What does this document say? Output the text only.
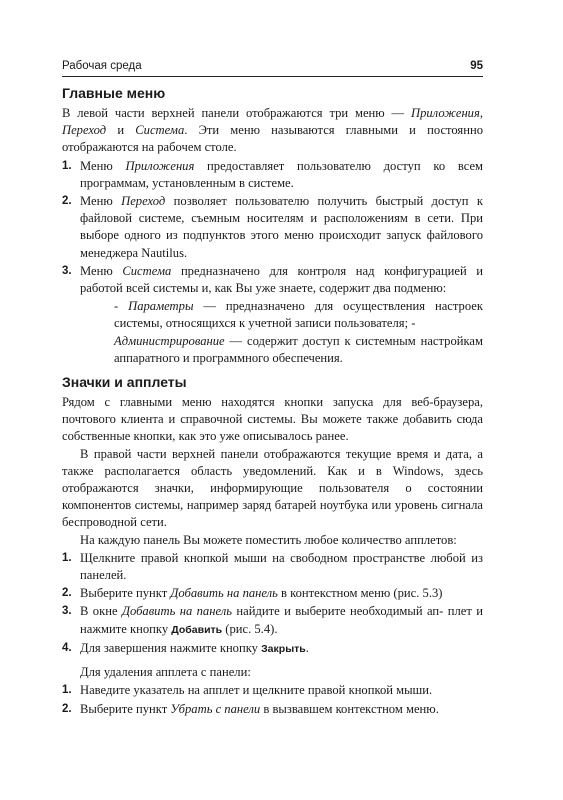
Рабочая среда	95
Главные меню

В левой части верхней панели отображаются три меню — Приложения, Переход и Система. Эти меню называются главными и постоянно отображаются на рабочем столе.

1. Меню Приложения предоставляет пользователю доступ ко всем программам, установленным в системе.
2. Меню Переход позволяет пользователю получить быстрый доступ к файловой системе, съемным носителям и расположениям в сети. При выборе одного из подпунктов этого меню происходит запуск файлового менеджера Nautilus.
3. Меню Система предназначено для контроля над конфигурацией и работой всей системы и, как Вы уже знаете, содержит два подменю:

- Параметры — предназначено для осуществления настроек системы, относящихся к учетной записи пользователя; -

Администрирование — содержит доступ к системным настройкам аппаратного и программного обеспечения.

Значки и апплеты

Рядом с главными меню находятся кнопки запуска для веб-браузера, почтового клиента и справочной системы. Вы можете также добавить сюда собственные кнопки, как это уже описывалось ранее.

В правой части верхней панели отображаются текущие время и дата, а также располагается область уведомлений. Как и в Windows, здесь отображаются значки, информирующие пользователя о состоянии компонентов системы, например заряд батарей ноутбука или уровень сигнала беспроводной сети.

На каждую панель Вы можете поместить любое количество апплетов:

1. Щелкните правой кнопкой мыши на свободном пространстве любой из панелей.
2. Выберите пункт Добавить на панель в контекстном меню (рис. 5.3)
3. В окне Добавить на панель найдите и выберите необходимый ап- плет и нажмите кнопку Добавить (рис. 5.4).
4. Для завершения нажмите кнопку Закрыть.

Для удаления апплета с панели:

1. Наведите указатель на апплет и щелкните правой кнопкой мыши.
2. Выберите пункт Убрать с панели в вызвавшем контекстном меню.
